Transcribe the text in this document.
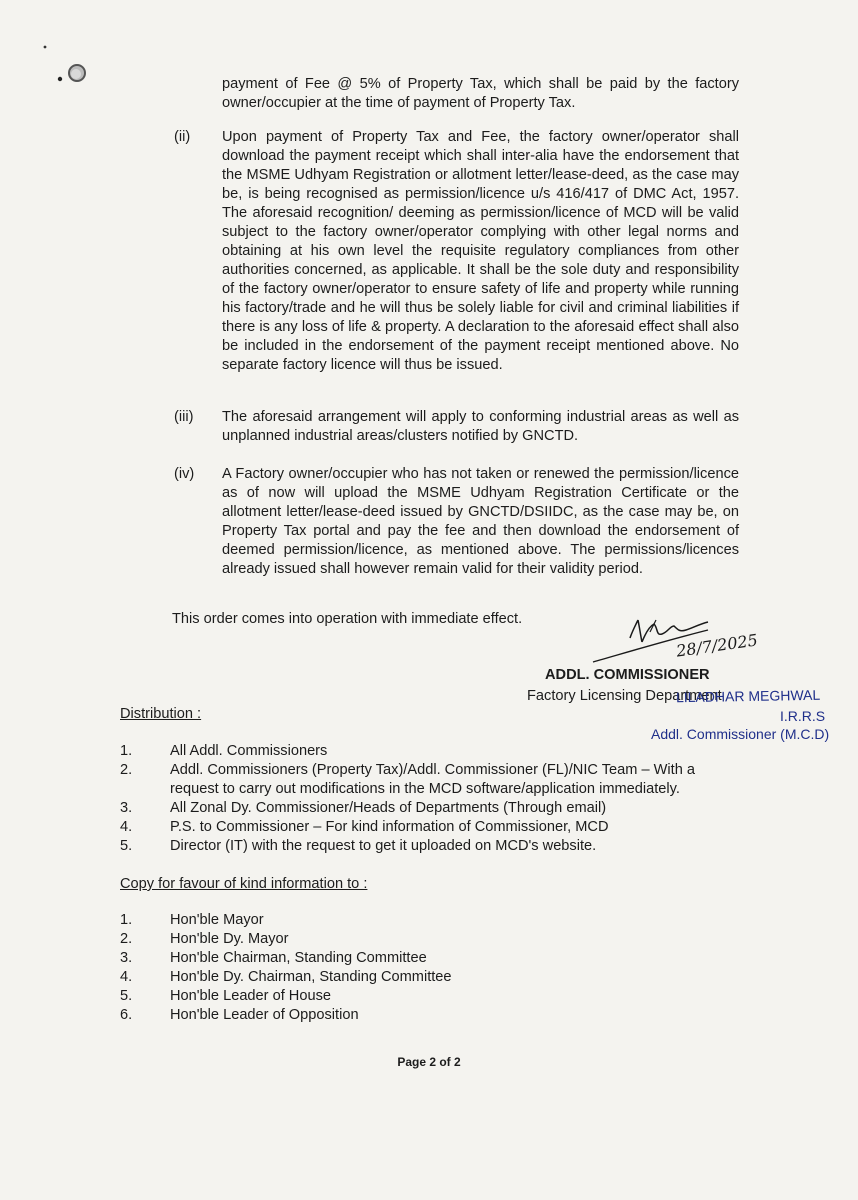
payment of Fee @ 5% of Property Tax, which shall be paid by the factory owner/occupier at the time of payment of Property Tax.
(ii) Upon payment of Property Tax and Fee, the factory owner/operator shall download the payment receipt which shall inter-alia have the endorsement that the MSME Udhyam Registration or allotment letter/lease-deed, as the case may be, is being recognised as permission/licence u/s 416/417 of DMC Act, 1957. The aforesaid recognition/ deeming as permission/licence of MCD will be valid subject to the factory owner/operator complying with other legal norms and obtaining at his own level the requisite regulatory compliances from other authorities concerned, as applicable. It shall be the sole duty and responsibility of the factory owner/operator to ensure safety of life and property while running his factory/trade and he will thus be solely liable for civil and criminal liabilities if there is any loss of life & property. A declaration to the aforesaid effect shall also be included in the endorsement of the payment receipt mentioned above. No separate factory licence will thus be issued.
(iii) The aforesaid arrangement will apply to conforming industrial areas as well as unplanned industrial areas/clusters notified by GNCTD.
(iv) A Factory owner/occupier who has not taken or renewed the permission/licence as of now will upload the MSME Udhyam Registration Certificate or the allotment letter/lease-deed issued by GNCTD/DSIIDC, as the case may be, on Property Tax portal and pay the fee and then download the endorsement of deemed permission/licence, as mentioned above. The permissions/licences already issued shall however remain valid for their validity period.
This order comes into operation with immediate effect.
28/7/2025
ADDL. COMMISSIONER
Factory Licensing Department
LILADHAR MEGHWAL
I.R.R.S
Addl. Commissioner (M.C.D)
Distribution :
1.	All Addl. Commissioners
2.	Addl. Commissioners (Property Tax)/Addl. Commissioner (FL)/NIC Team – With a request to carry out modifications in the MCD software/application immediately.
3.	All Zonal Dy. Commissioner/Heads of Departments (Through email)
4.	P.S. to Commissioner – For kind information of Commissioner, MCD
5.	Director (IT) with the request to get it uploaded on MCD's website.
Copy for favour of kind information to :
1.	Hon'ble Mayor
2.	Hon'ble Dy. Mayor
3.	Hon'ble Chairman, Standing Committee
4.	Hon'ble Dy. Chairman, Standing Committee
5.	Hon'ble Leader of House
6.	Hon'ble Leader of Opposition
Page 2 of 2
